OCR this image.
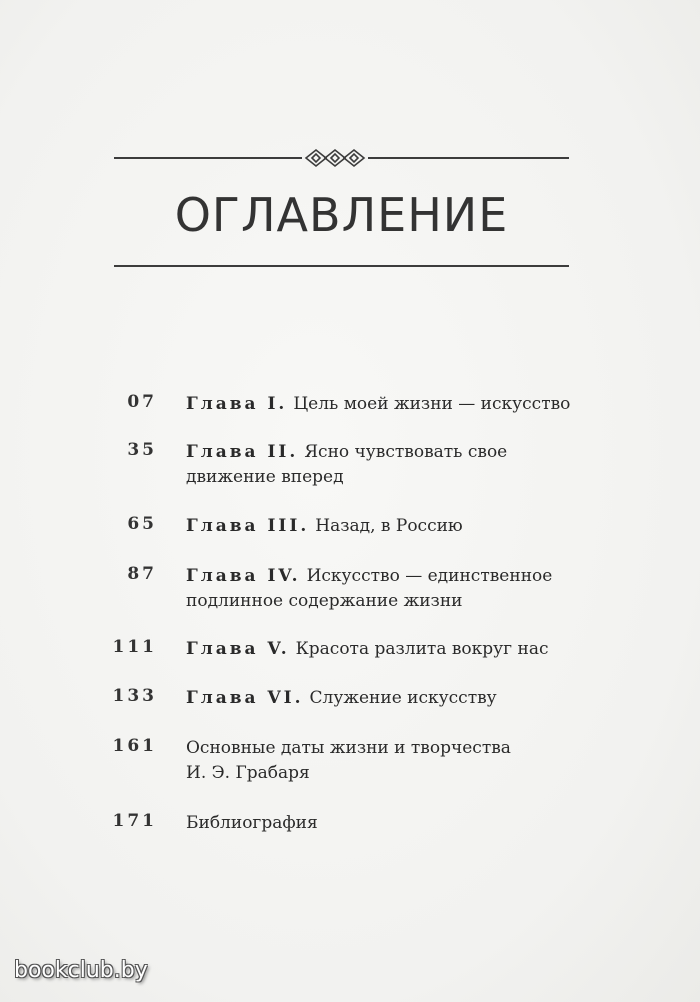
ОГЛАВЛЕНИЕ
07 Глава I. Цель моей жизни — искусство

35 Глава II. Ясно чувствовать свое
движение вперед
65 Глава III. Назад, в Россию

87 Глава IV. Искусство — единственное
подлинное содержание жизни
111 Глава V. Красота разлита вокруг нас

133 Глава VI. Служение искусству

161 Основные даты жизни и творчества
И. Э. Грабаря
171 Библиография

bookclub.by
